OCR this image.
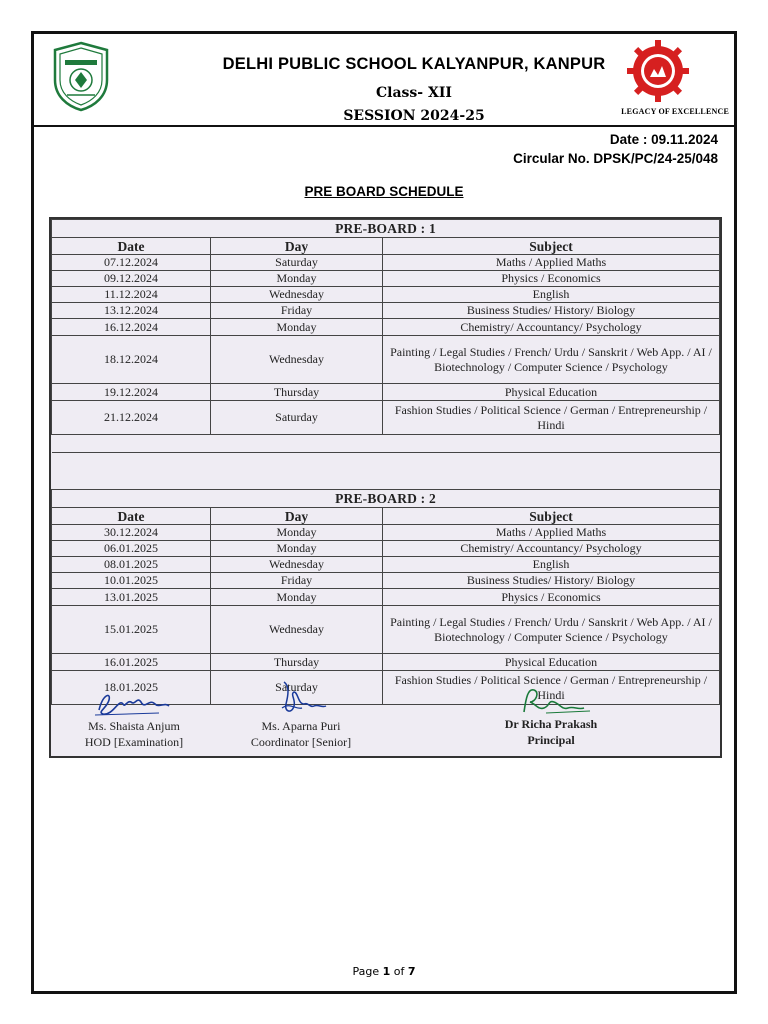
DELHI PUBLIC SCHOOL KALYANPUR, KANPUR
Class- XII
SESSION 2024-25	LEGACY OF EXCELLENCE
Date : 09.11.2024
Circular No. DPSK/PC/24-25/048
PRE BOARD SCHEDULE
PRE-BOARD : 1		
Date	Day	Subject
07.12.2024	Saturday	Maths / Applied Maths
09.12.2024	Monday	Physics / Economics
11.12.2024	Wednesday	English
13.12.2024	Friday	Business Studies/ History/ Biology
16.12.2024	Monday	Chemistry/ Accountancy/ Psychology
18.12.2024	Wednesday	Painting / Legal Studies / French/ Urdu / Sanskrit / Web App. / AI / Biotechnology / Computer Science / Psychology
19.12.2024	Thursday	Physical Education
21.12.2024	Saturday	Fashion Studies / Political Science / German / Entrepreneurship / Hindi

PRE-BOARD : 2		
Date	Day	Subject
30.12.2024	Monday	Maths / Applied Maths
06.01.2025	Monday	Chemistry/ Accountancy/ Psychology
08.01.2025	Wednesday	English
10.01.2025	Friday	Business Studies/ History/ Biology
13.01.2025	Monday	Physics / Economics
15.01.2025	Wednesday	Painting / Legal Studies / French/ Urdu / Sanskrit / Web App. / AI / Biotechnology / Computer Science / Psychology
16.01.2025	Thursday	Physical Education
18.01.2025	Saturday	Fashion Studies / Political Science / German / Entrepreneurship / Hindi
Ms. Shaista Anjum
HOD [Examination]
Ms. Aparna Puri
Coordinator [Senior]
Dr Richa Prakash
Principal
Page 1 of 7
